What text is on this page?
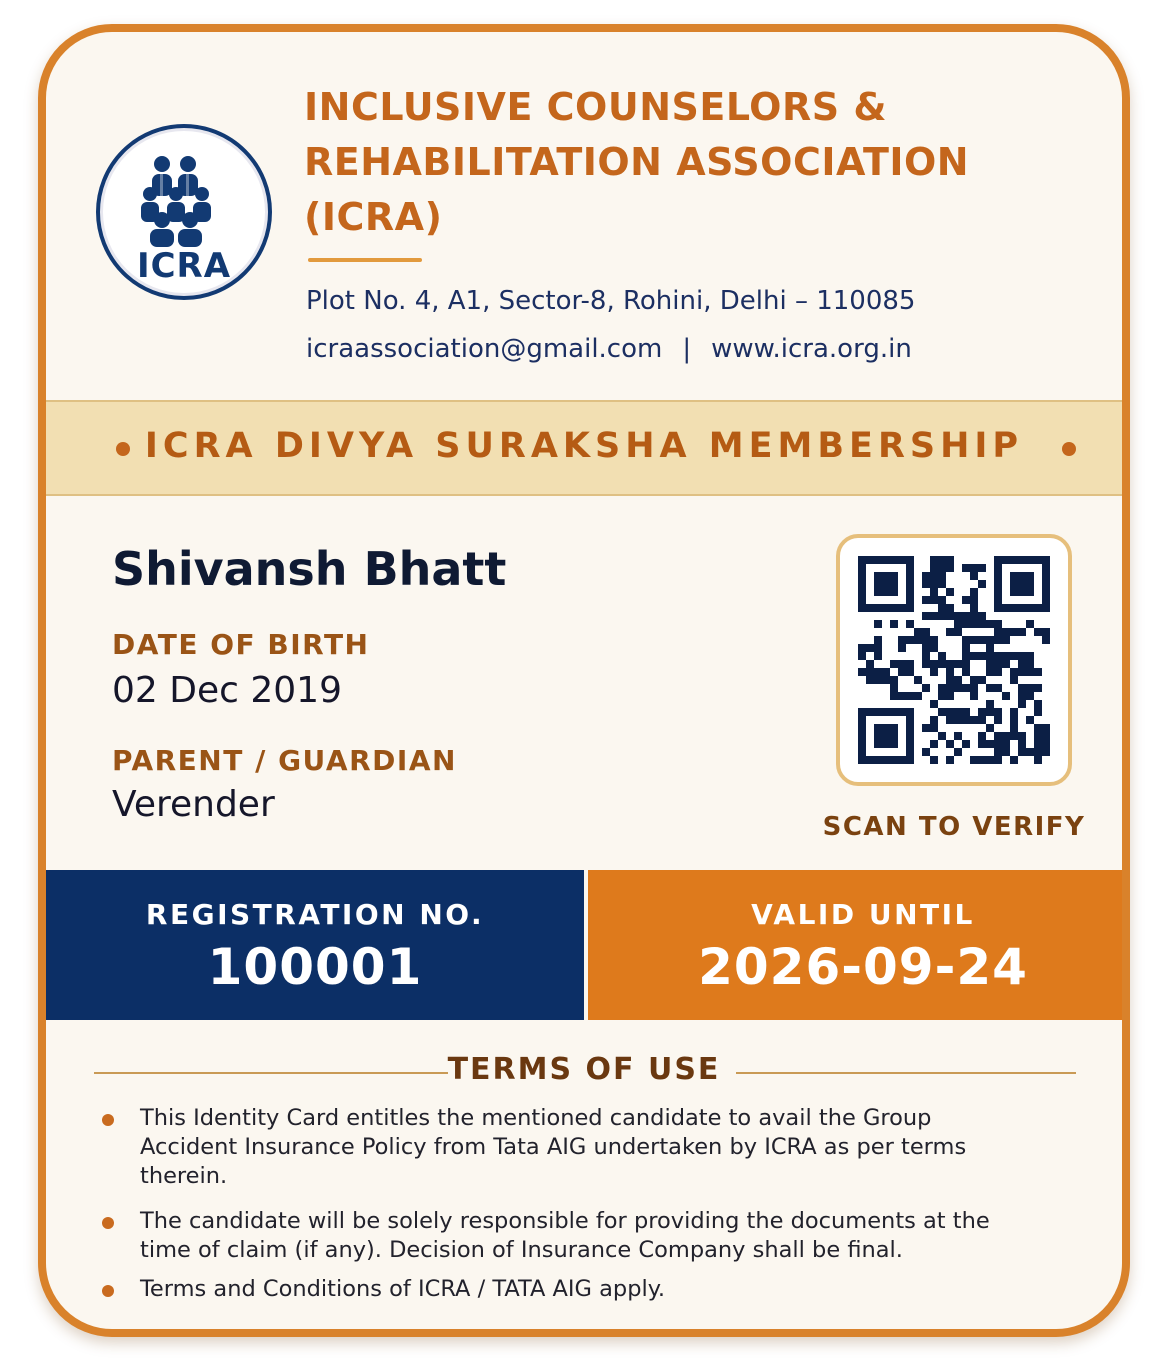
ICRA
INCLUSIVE COUNSELORS &
REHABILITATION ASSOCIATION
(ICRA)
Plot No. 4, A1, Sector-8, Rohini, Delhi – 110085
icraassociation@gmail.com | www.icra.org.in
ICRA DIVYA SURAKSHA MEMBERSHIP
Shivansh Bhatt
DATE OF BIRTH
02 Dec 2019
PARENT / GUARDIAN
Verender
SCAN TO VERIFY
REGISTRATION NO.
100001
VALID UNTIL
2026-09-24
TERMS OF USE
This Identity Card entitles the mentioned candidate to avail the Group Accident Insurance Policy from Tata AIG undertaken by ICRA as per terms therein.
The candidate will be solely responsible for providing the documents at the time of claim (if any). Decision of Insurance Company shall be final.
Terms and Conditions of ICRA / TATA AIG apply.
